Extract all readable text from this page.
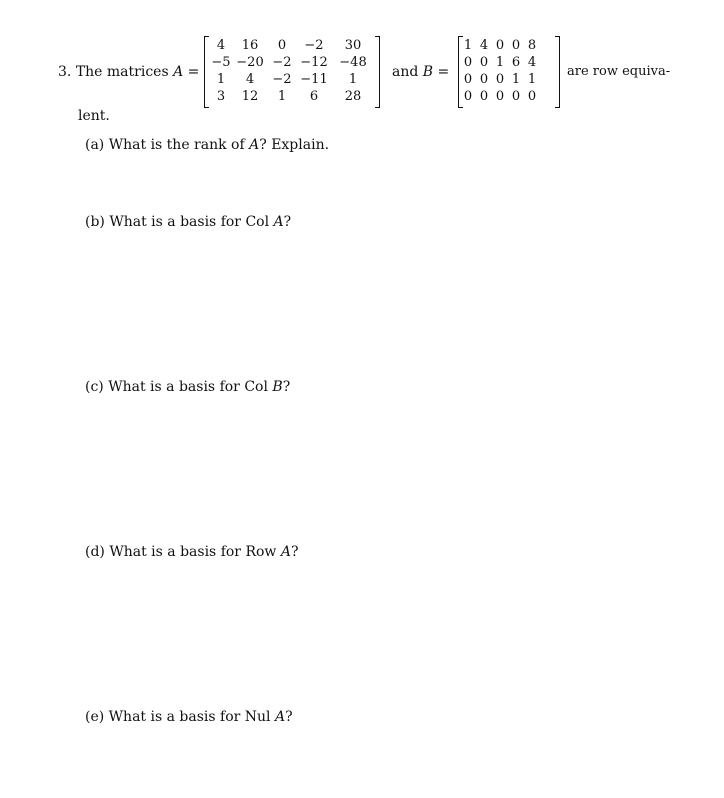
3. The matrices A =
4	16	0	−2	30
−5	−20	−2	−12	−48
1	4	−2	−11	1
3	12	1	6	28
and B =
1	4	0	0	8
0	0	1	6	4
0	0	0	1	1
0	0	0	0	0
are row equiva-
lent.
(a) What is the rank of A? Explain.
(b) What is a basis for Col A?
(c) What is a basis for Col B?
(d) What is a basis for Row A?
(e) What is a basis for Nul A?
